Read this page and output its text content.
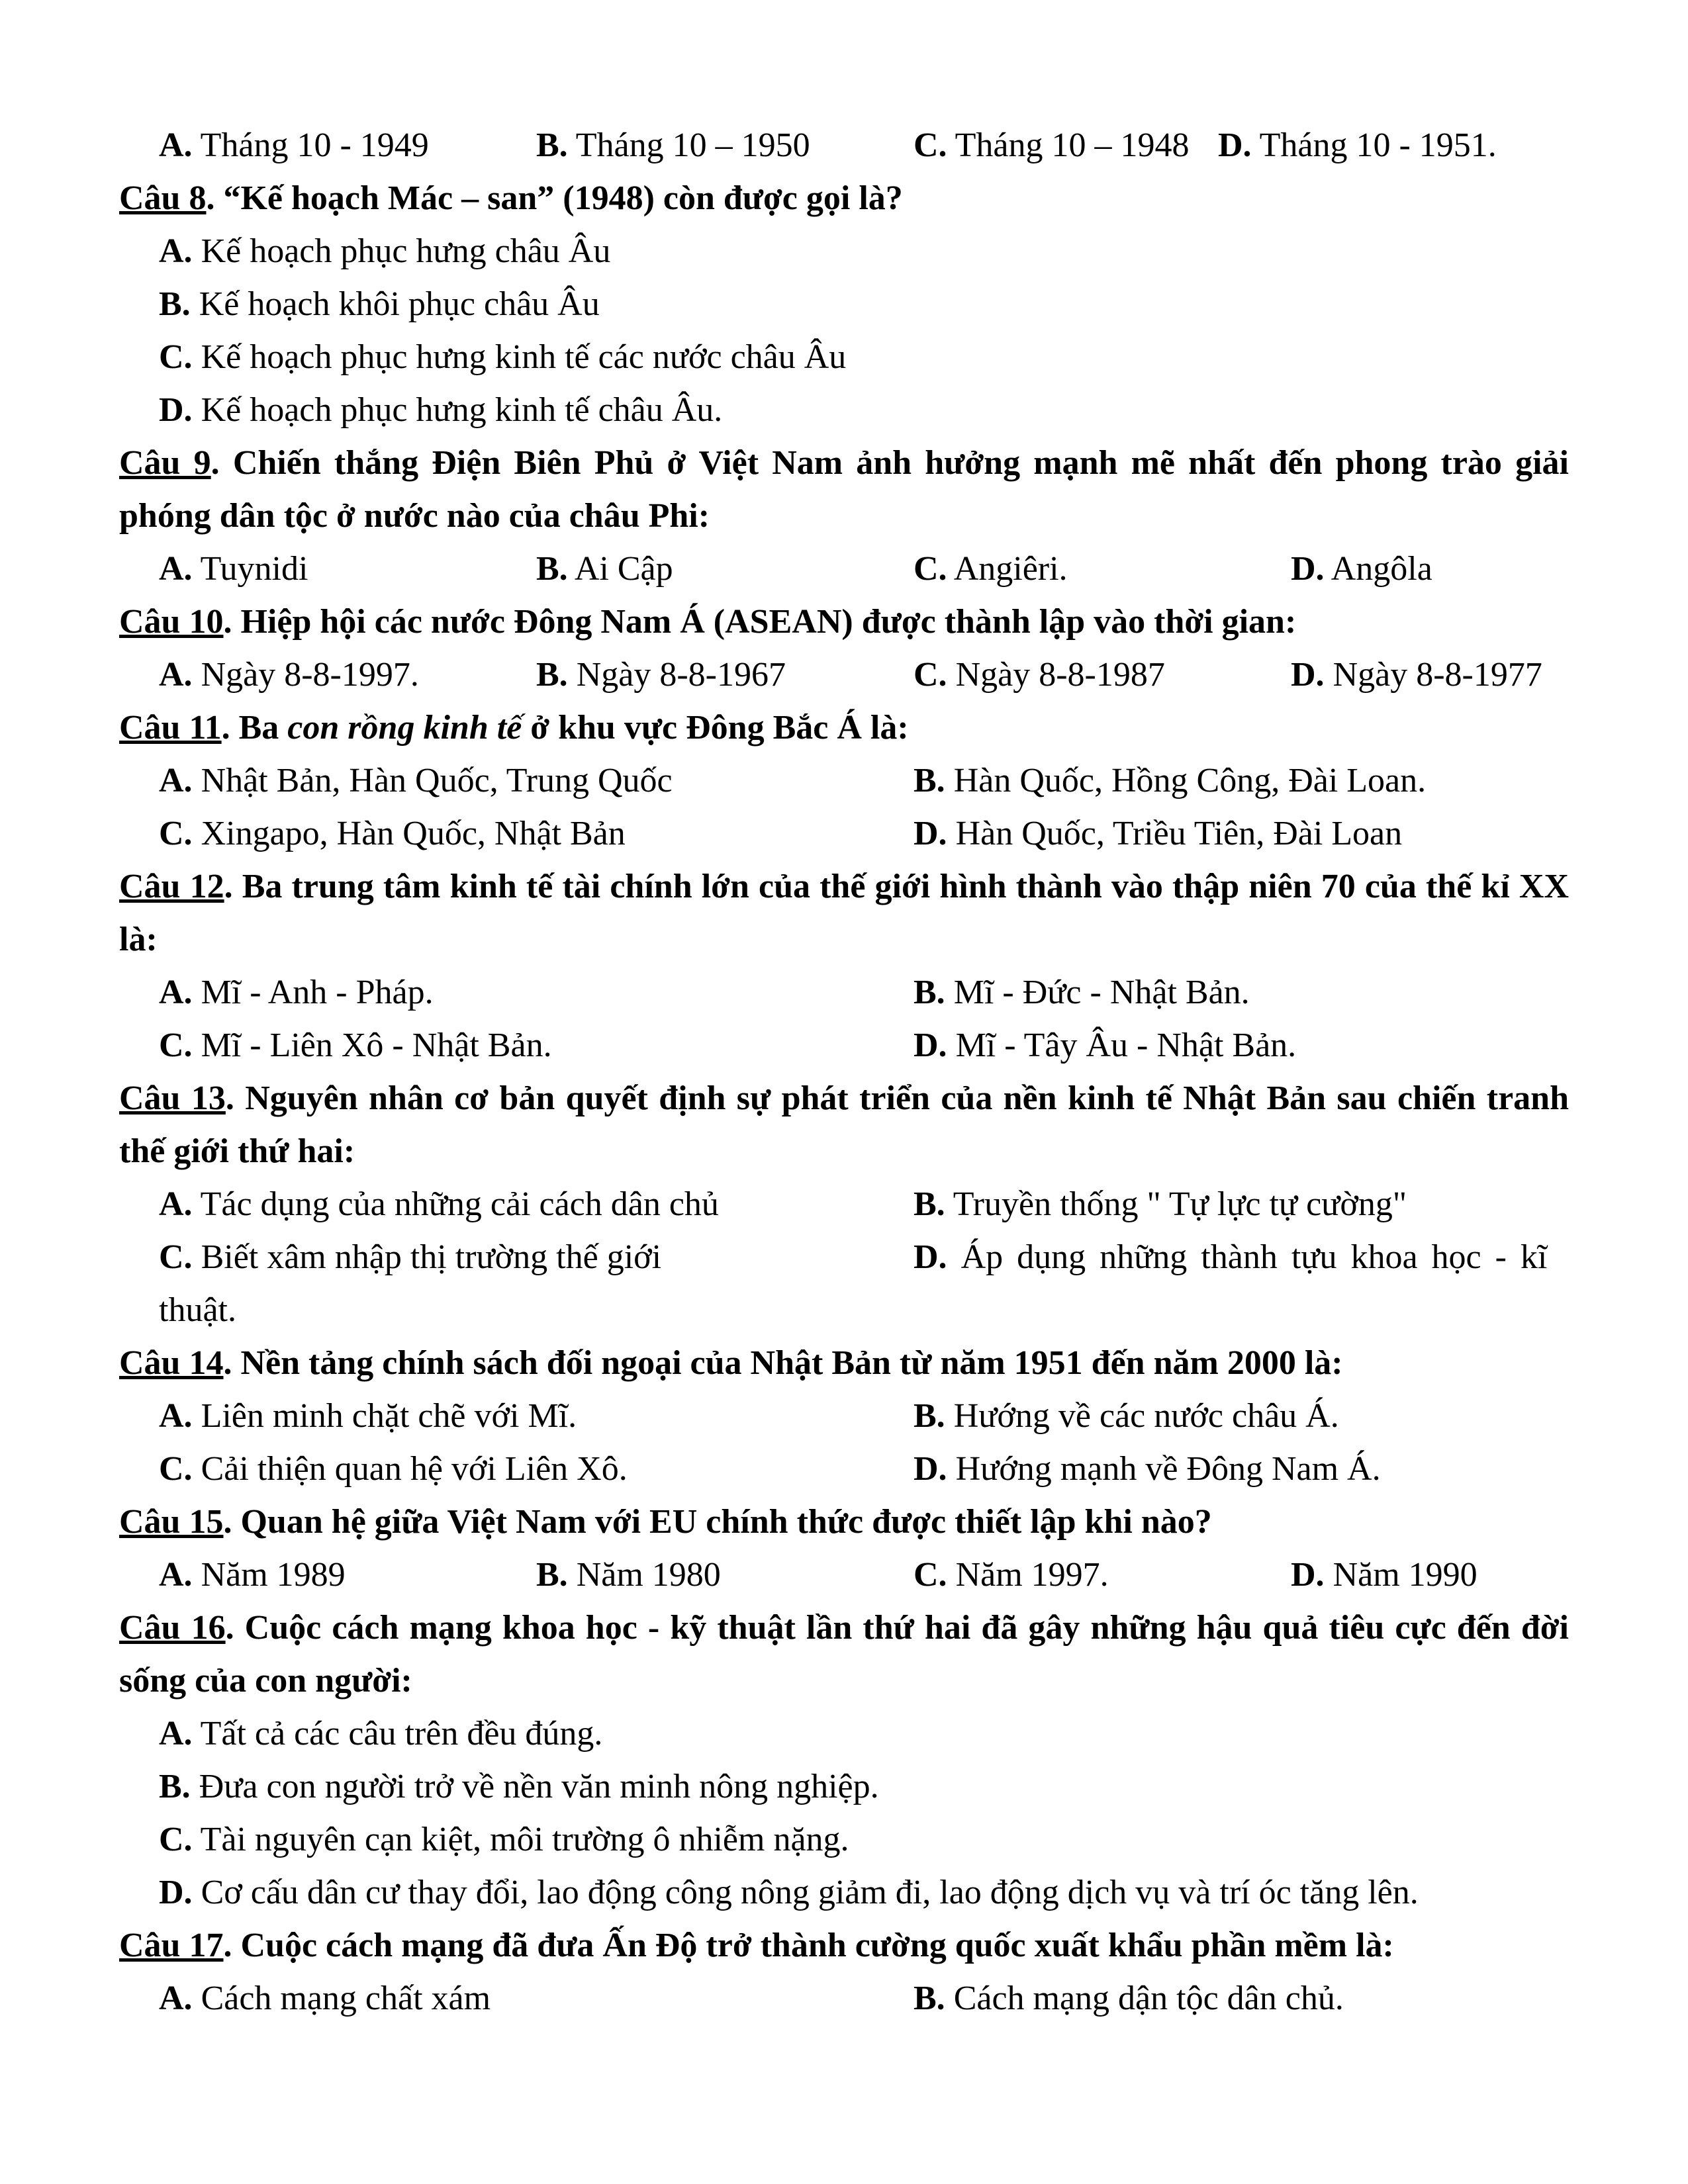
A. Tháng 10 - 1949	B. Tháng 10 – 1950	C. Tháng 10 – 1948 D. Tháng 10 - 1951.
Câu 8. “Kế hoạch Mác – san” (1948) còn được gọi là?
A. Kế hoạch phục hưng châu Âu
B. Kế hoạch khôi phục châu Âu
C. Kế hoạch phục hưng kinh tế các nước châu Âu
D. Kế hoạch phục hưng kinh tế châu Âu.
Câu 9. Chiến thắng Điện Biên Phủ ở Việt Nam ảnh hưởng mạnh mẽ nhất đến phong trào giải phóng dân tộc ở nước nào của châu Phi:
A. Tuynidi	B. Ai Cập	C. Angiêri.	D. Angôla
Câu 10. Hiệp hội các nước Đông Nam Á (ASEAN) được thành lập vào thời gian:
A. Ngày 8-8-1997.	B. Ngày 8-8-1967	C. Ngày 8-8-1987	D. Ngày 8-8-1977
Câu 11. Ba con rồng kinh tế ở khu vực Đông Bắc Á là:
A. Nhật Bản, Hàn Quốc, Trung Quốc	B. Hàn Quốc, Hồng Công, Đài Loan.
C. Xingapo, Hàn Quốc, Nhật Bản	D. Hàn Quốc, Triều Tiên, Đài Loan
Câu 12. Ba trung tâm kinh tế tài chính lớn của thế giới hình thành vào thập niên 70 của thế kỉ XX là:
A. Mĩ - Anh - Pháp.	B. Mĩ - Đức - Nhật Bản.
C. Mĩ - Liên Xô - Nhật Bản.	D. Mĩ - Tây Âu - Nhật Bản.
Câu 13. Nguyên nhân cơ bản quyết định sự phát triển của nền kinh tế Nhật Bản sau chiến tranh thế giới thứ hai:
A. Tác dụng của những cải cách dân chủ	B. Truyền thống " Tự lực tự cường"
C. Biết xâm nhập thị trường thế giới	D. Áp dụng những thành tựu khoa học - kĩ
thuật.
Câu 14. Nền tảng chính sách đối ngoại của Nhật Bản từ năm 1951 đến năm 2000 là:
A. Liên minh chặt chẽ với Mĩ.	B. Hướng về các nước châu Á.
C. Cải thiện quan hệ với Liên Xô.	D. Hướng mạnh về Đông Nam Á.
Câu 15. Quan hệ giữa Việt Nam với EU chính thức được thiết lập khi nào?
A. Năm 1989	B. Năm 1980	C. Năm 1997.	D. Năm 1990
Câu 16. Cuộc cách mạng khoa học - kỹ thuật lần thứ hai đã gây những hậu quả tiêu cực đến đời sống của con người:
A. Tất cả các câu trên đều đúng.
B. Đưa con người trở về nền văn minh nông nghiệp.
C. Tài nguyên cạn kiệt, môi trường ô nhiễm nặng.
D. Cơ cấu dân cư thay đổi, lao động công nông giảm đi, lao động dịch vụ và trí óc tăng lên.
Câu 17. Cuộc cách mạng đã đưa Ấn Độ trở thành cường quốc xuất khẩu phần mềm là:
A. Cách mạng chất xám	B. Cách mạng dận tộc dân chủ.
